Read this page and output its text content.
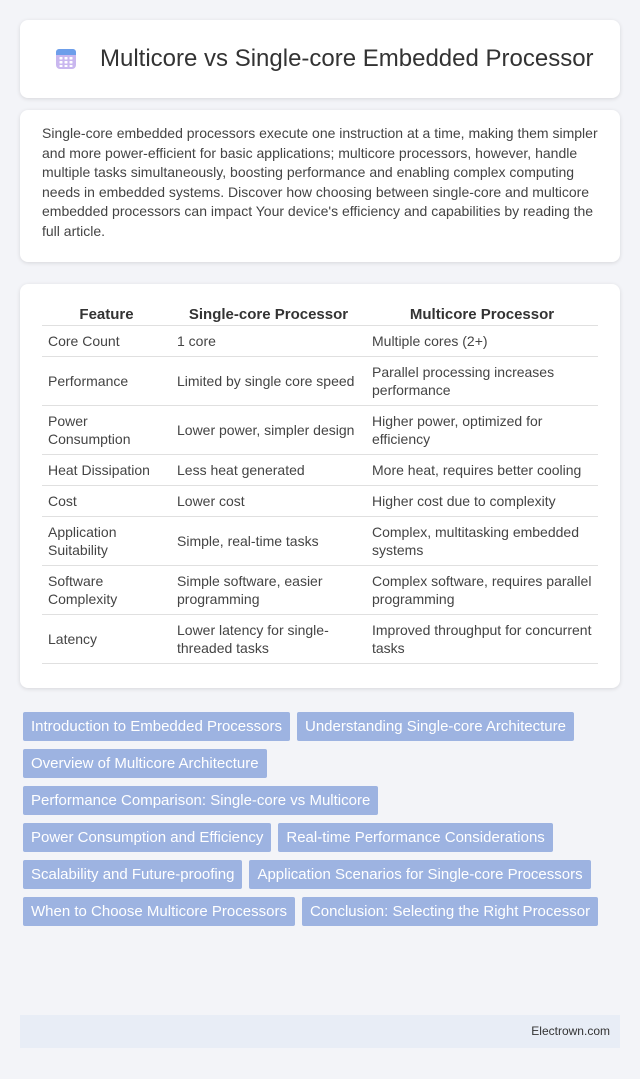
Multicore vs Single-core Embedded Processor

Single-core embedded processors execute one instruction at a time, making them simpler and more power-efficient for basic applications; multicore processors, however, handle multiple tasks simultaneously, boosting performance and enabling complex computing needs in embedded systems. Discover how choosing between single-core and multicore embedded processors can impact Your device's efficiency and capabilities by reading the full article.

Feature	Single-core Processor	Multicore Processor
Core Count	1 core	Multiple cores (2+)
Performance	Limited by single core speed	Parallel processing increases performance
Power Consumption	Lower power, simpler design	Higher power, optimized for efficiency
Heat Dissipation	Less heat generated	More heat, requires better cooling
Cost	Lower cost	Higher cost due to complexity
Application Suitability	Simple, real-time tasks	Complex, multitasking embedded systems
Software Complexity	Simple software, easier programming	Complex software, requires parallel programming
Latency	Lower latency for single-threaded tasks	Improved throughput for concurrent tasks
Introduction to Embedded Processors Understanding Single-core ArchitectureOverview of Multicore ArchitecturePerformance Comparison: Single-core vs MulticorePower Consumption and Efficiency Real-time Performance ConsiderationsScalability and Future-proofing Application Scenarios for Single-core ProcessorsWhen to Choose Multicore Processors Conclusion: Selecting the Right Processor
Electrown.com
